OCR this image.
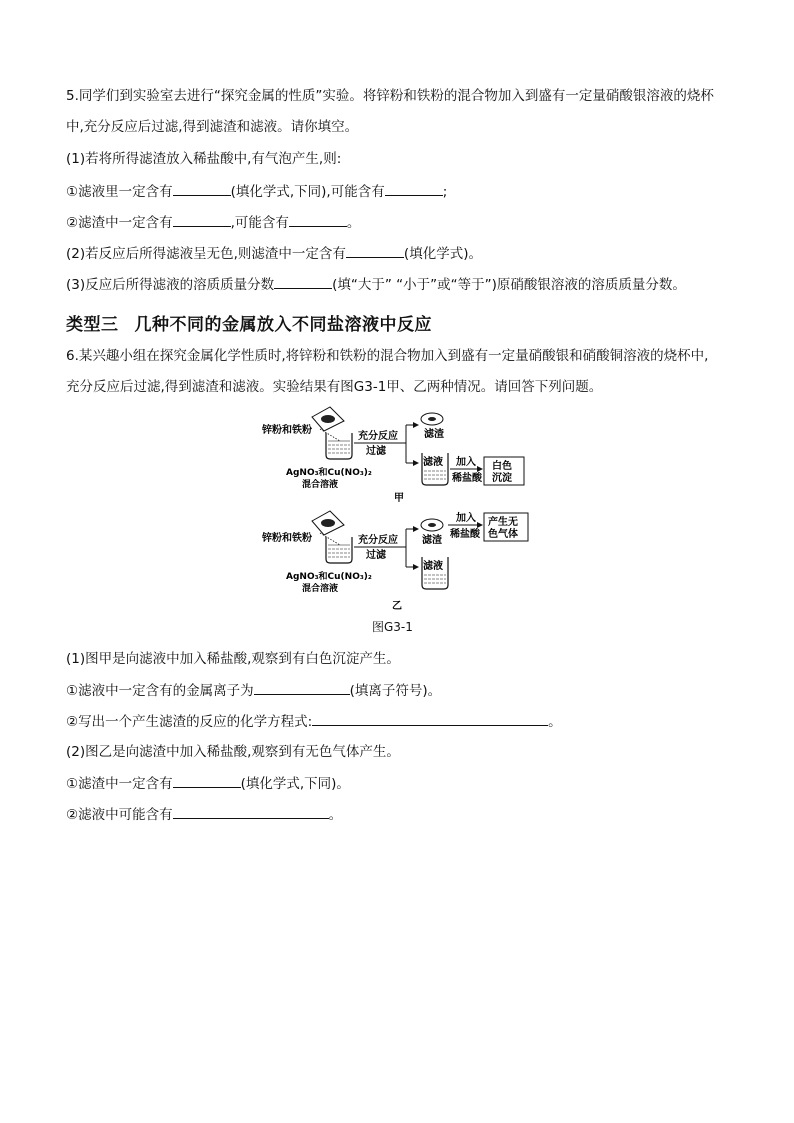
5.同学们到实验室去进行“探究金属的性质”实验。将锌粉和铁粉的混合物加入到盛有一定量硝酸银溶液的烧杯
中,充分反应后过滤,得到滤渣和滤液。请你填空。
(1)若将所得滤渣放入稀盐酸中,有气泡产生,则:
①滤液里一定含有	(填化学式,下同),可能含有	;
②滤渣中一定含有	,可能含有	。
(2)若反应后所得滤液呈无色,则滤渣中一定含有	(填化学式)。
(3)反应后所得滤液的溶质质量分数	(填“大于” “小于”或“等于”)原硝酸银溶液的溶质质量分数。
类型三 几种不同的金属放入不同盐溶液中反应
6.某兴趣小组在探究金属化学性质时,将锌粉和铁粉的混合物加入到盛有一定量硝酸银和硝酸铜溶液的烧杯中,
充分反应后过滤,得到滤渣和滤液。实验结果有图G3-1甲、乙两种情况。请回答下列问题。
锌粉和铁粉
AgNO₃和Cu(NO₃)₂
混合溶液
充分反应
过滤
滤渣
滤液 加入
稀盐酸
白色
沉淀
甲
锌粉和铁粉
AgNO₃和Cu(NO₃)₂
混合溶液
充分反应
过滤
滤渣
加入
稀盐酸
产生无
色气体
滤液
乙
图G3-1
(1)图甲是向滤液中加入稀盐酸,观察到有白色沉淀产生。
①滤液中一定含有的金属离子为	(填离子符号)。
②写出一个产生滤渣的反应的化学方程式:	。
(2)图乙是向滤渣中加入稀盐酸,观察到有无色气体产生。
①滤渣中一定含有	(填化学式,下同)。
②滤液中可能含有	。
